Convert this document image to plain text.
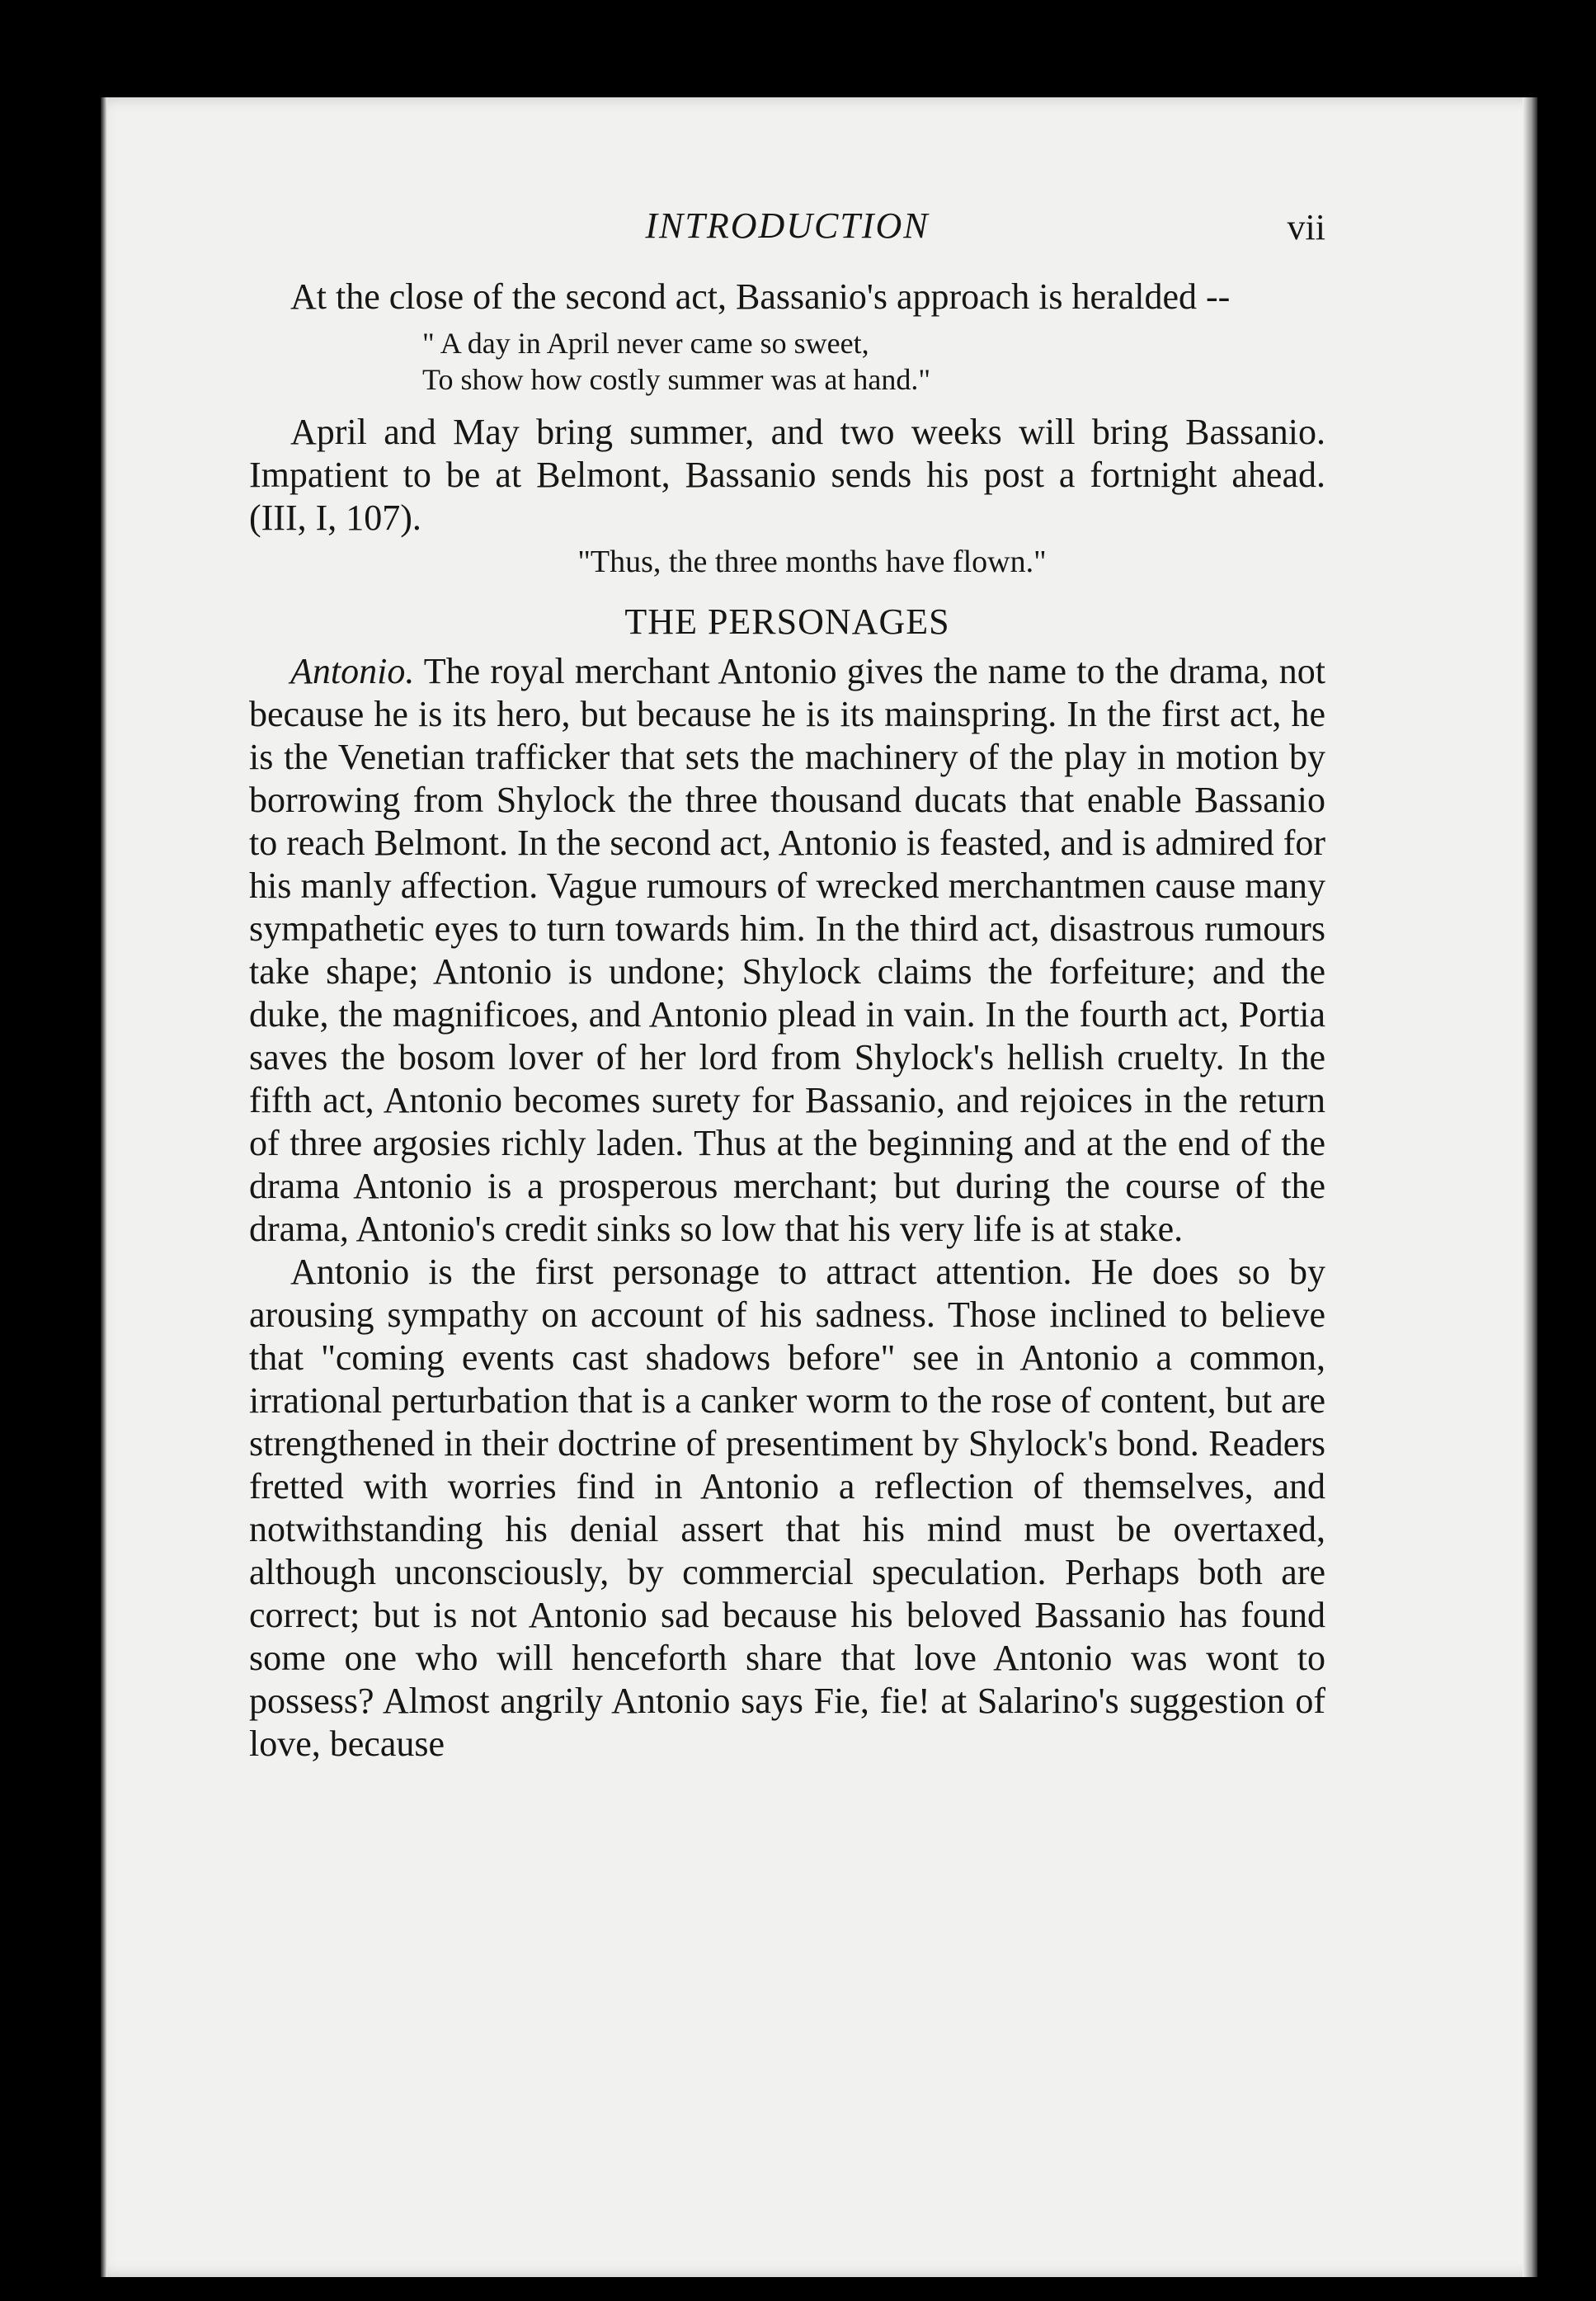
INTRODUCTION	vii

At the close of the second act, Bassanio's approach is heralded --

" A day in April never came so sweet,
To show how costly summer was at hand."

April and May bring summer, and two weeks will bring Bassanio. Impatient to be at Belmont, Bassanio sends his post a fortnight ahead. (III, I, 107).

"Thus, the three months have flown."
THE PERSONAGES

Antonio. The royal merchant Antonio gives the name to the drama, not because he is its hero, but because he is its mainspring. In the first act, he is the Venetian trafficker that sets the machinery of the play in motion by borrowing from Shylock the three thousand ducats that enable Bassanio to reach Belmont. In the second act, Antonio is feasted, and is admired for his manly affection. Vague rumours of wrecked merchantmen cause many sympathetic eyes to turn towards him. In the third act, disastrous rumours take shape; Antonio is undone; Shylock claims the forfeiture; and the duke, the magnificoes, and Antonio plead in vain. In the fourth act, Portia saves the bosom lover of her lord from Shylock's hellish cruelty. In the fifth act, Antonio becomes surety for Bassanio, and rejoices in the return of three argosies richly laden. Thus at the beginning and at the end of the drama Antonio is a prosperous merchant; but during the course of the drama, Antonio's credit sinks so low that his very life is at stake.

Antonio is the first personage to attract attention. He does so by arousing sympathy on account of his sadness. Those inclined to believe that "coming events cast shadows before" see in Antonio a common, irrational perturbation that is a canker worm to the rose of content, but are strengthened in their doctrine of presentiment by Shylock's bond. Readers fretted with worries find in Antonio a reflection of themselves, and notwithstanding his denial assert that his mind must be overtaxed, although unconsciously, by commercial speculation. Perhaps both are correct; but is not Antonio sad because his beloved Bassanio has found some one who will henceforth share that love Antonio was wont to possess? Almost angrily Antonio says Fie, fie! at Salarino's suggestion of love, because
